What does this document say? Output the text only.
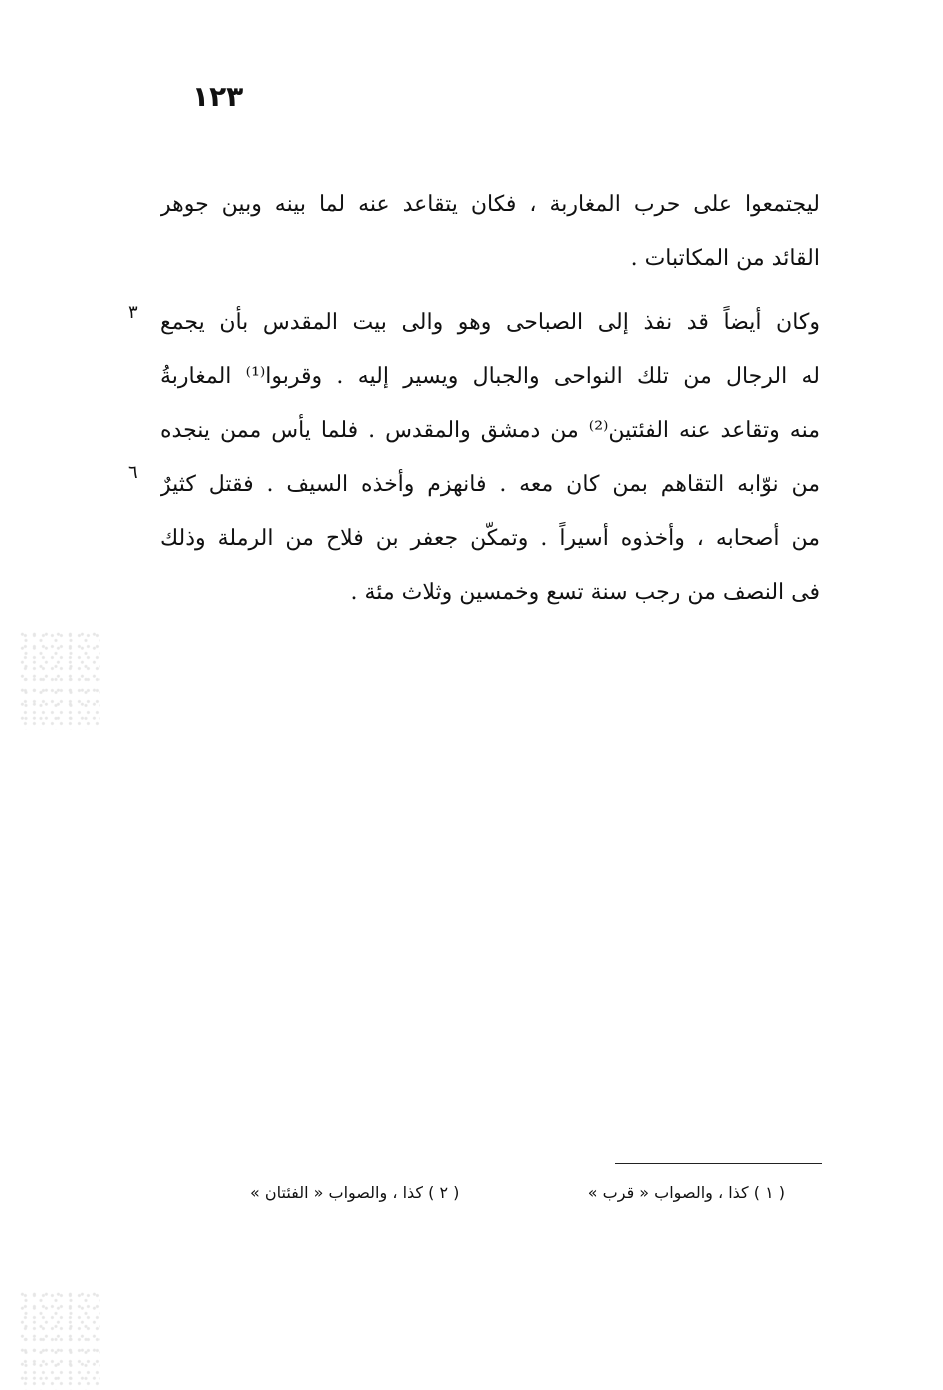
١٢٣
ليجتمعوا على حرب المغاربة ، فكان يتقاعد عنه لما بينه وبين جوهر
القائد من المكاتبات .
وكان أيضاً قد نفذ إلى الصباحى وهو والى بيت المقدس بأن يجمع
له الرجال من تلك النواحى والجبال ويسير إليه . وقربوا⁽¹⁾ المغاربةُ
منه وتقاعد عنه الفئتين⁽²⁾ من دمشق والمقدس . فلما يأس ممن ينجده
من نوّابه التقاهم بمن كان معه . فانهزم وأخذه السيف . فقتل كثيرٌ
من أصحابه ، وأخذوه أسيراً . وتمكّن جعفر بن فلاح من الرملة وذلك
فى النصف من رجب سنة تسع وخمسين وثلاث مئة .
٣
٦
( ١ ) كذا ، والصواب « قرب »
( ٢ ) كذا ، والصواب « الفئتان »
